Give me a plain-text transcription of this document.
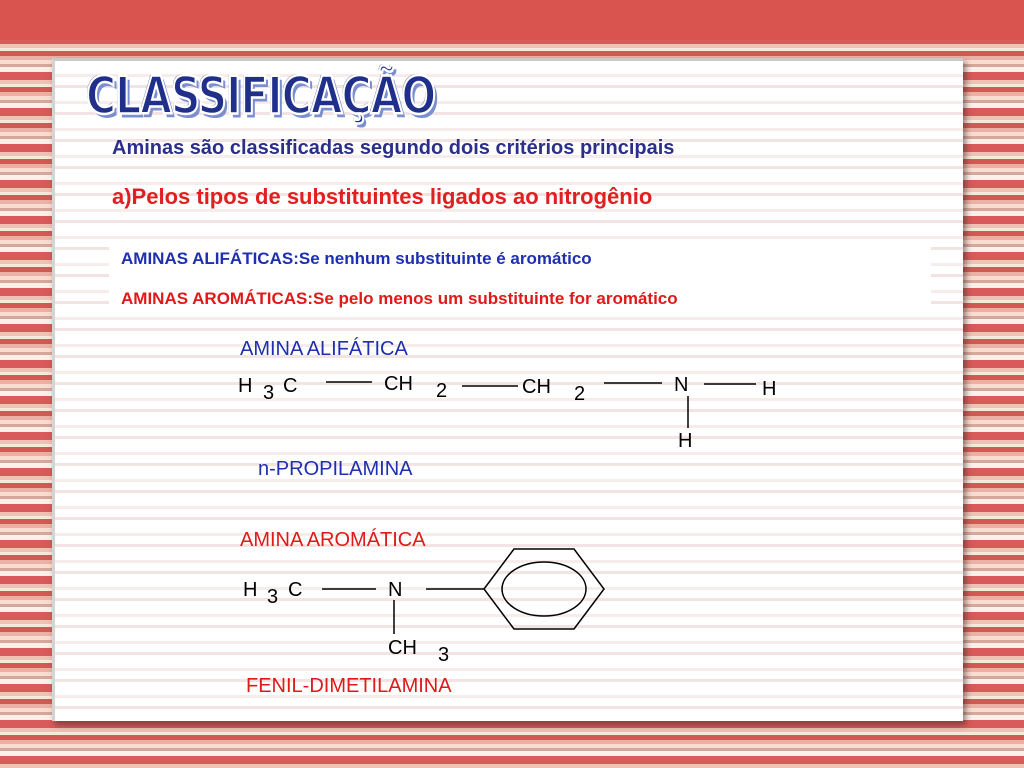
CLASSIFICAÇÃO

Aminas são classificadas segundo dois critérios principais

a)Pelos tipos de substituintes ligados ao nitrogênio

AMINAS ALIFÁTICAS:Se nenhum substituinte é aromático

AMINAS AROMÁTICAS:Se pelo menos um substituinte for aromático

AMINA ALIFÁTICA
H 3 C	CH 2	CH 2	N	H
H
n-PROPILAMINA
AMINA AROMÁTICA
H 3 C	N
CH 3
FENIL-DIMETILAMINA
